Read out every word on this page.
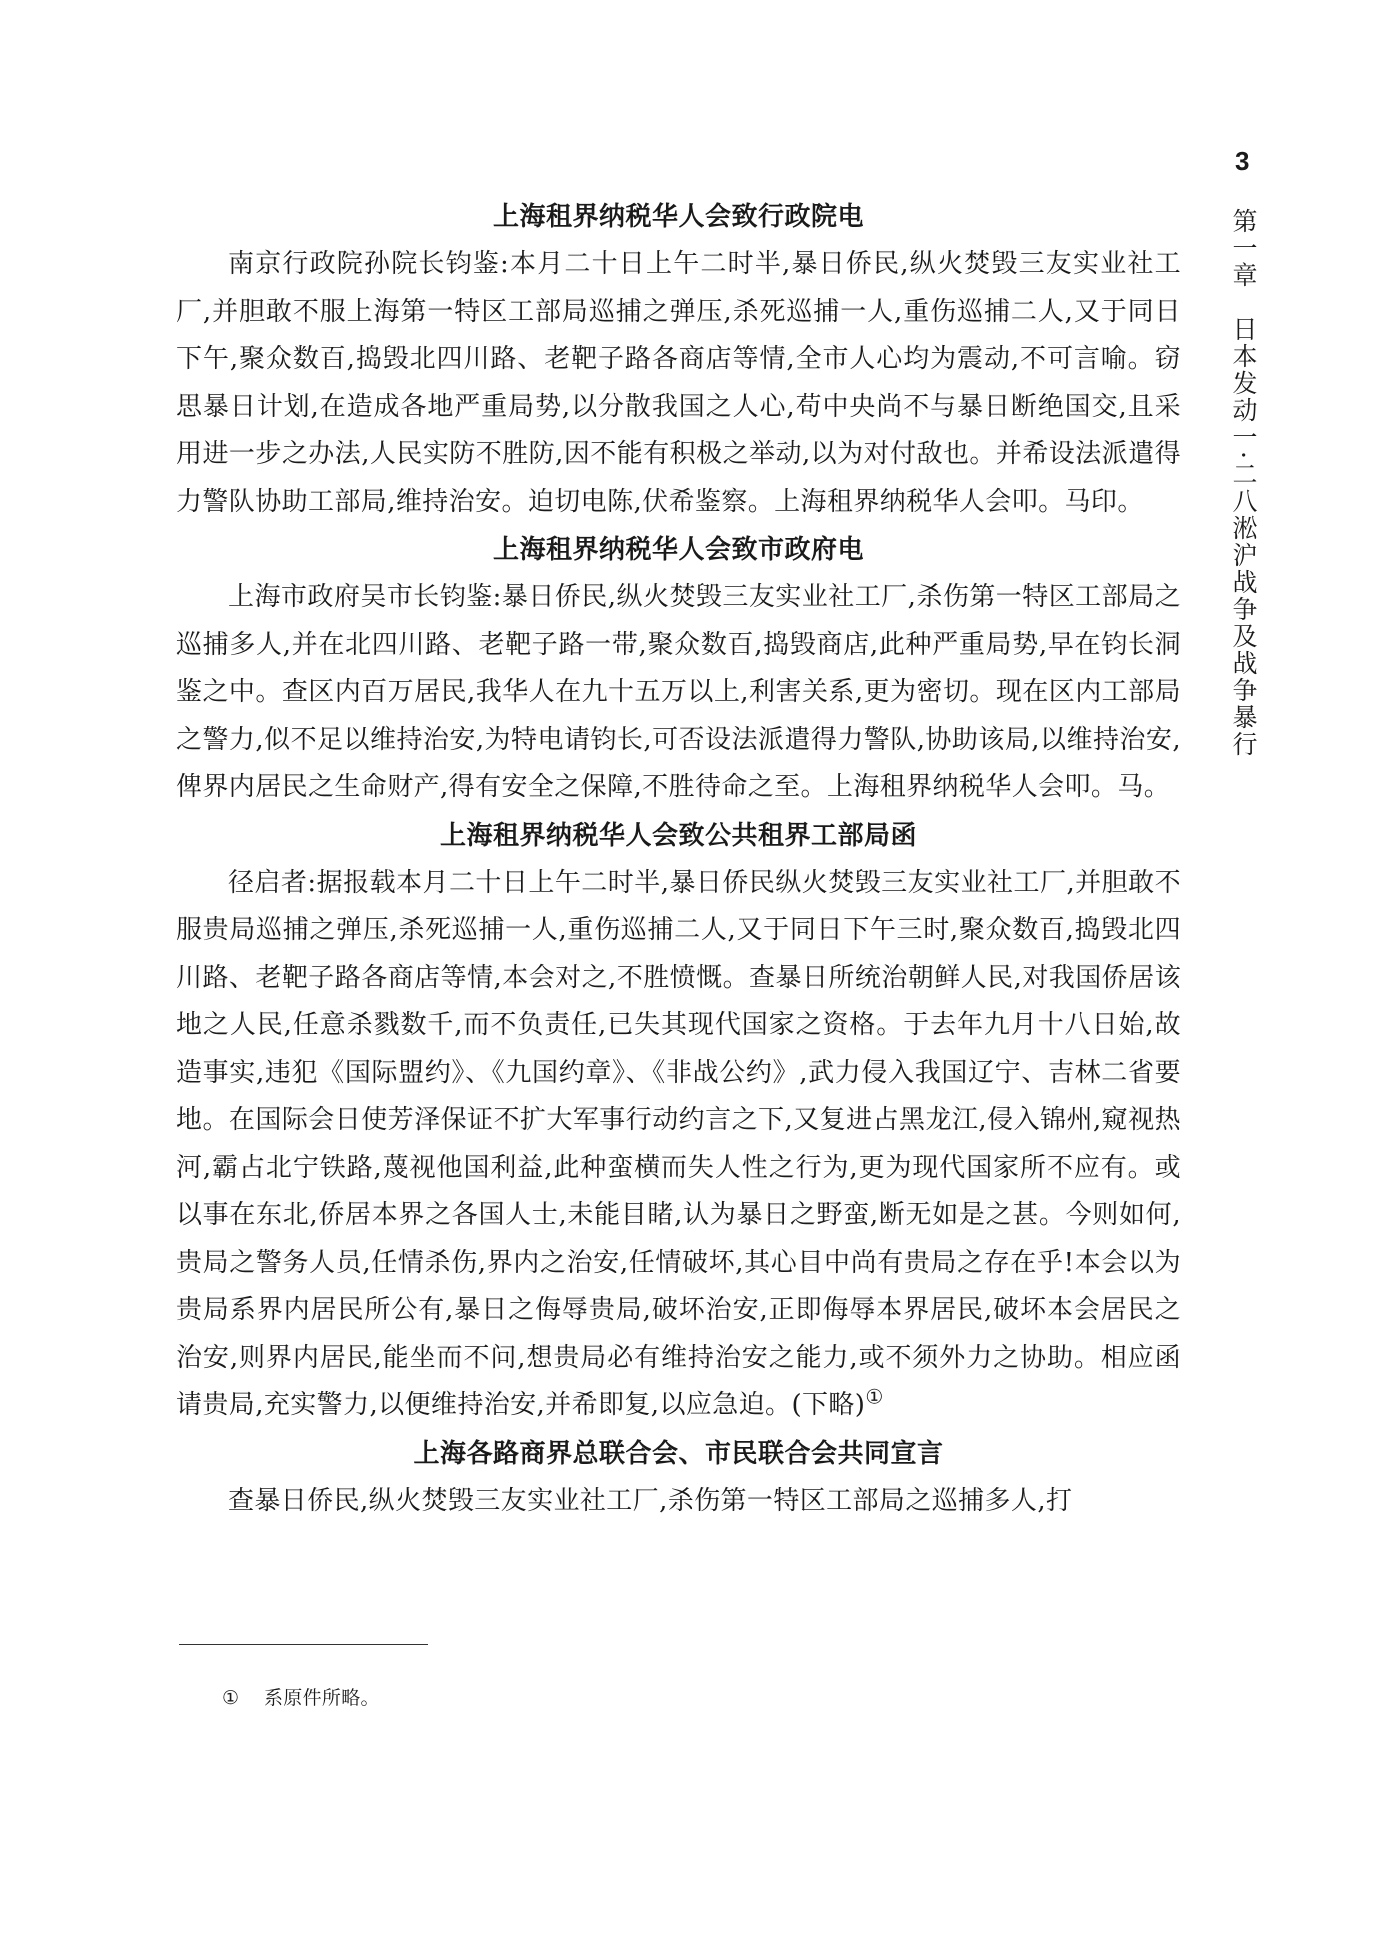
3
第一章　日本发动一·二八淞沪战争及战争暴行
上海租界纳税华人会致行政院电

南京行政院孙院长钧鉴:本月二十日上午二时半,暴日侨民,纵火焚毁三友实业社工厂,并胆敢不服上海第一特区工部局巡捕之弹压,杀死巡捕一人,重伤巡捕二人,又于同日下午,聚众数百,捣毁北四川路、老靶子路各商店等情,全市人心均为震动,不可言喻。窃思暴日计划,在造成各地严重局势,以分散我国之人心,苟中央尚不与暴日断绝国交,且采用进一步之办法,人民实防不胜防,因不能有积极之举动,以为对付敌也。并希设法派遣得力警队协助工部局,维持治安。迫切电陈,伏希鉴察。上海租界纳税华人会叩。马印。

上海租界纳税华人会致市政府电

上海市政府吴市长钧鉴:暴日侨民,纵火焚毁三友实业社工厂,杀伤第一特区工部局之巡捕多人,并在北四川路、老靶子路一带,聚众数百,捣毁商店,此种严重局势,早在钧长洞鉴之中。查区内百万居民,我华人在九十五万以上,利害关系,更为密切。现在区内工部局之警力,似不足以维持治安,为特电请钧长,可否设法派遣得力警队,协助该局,以维持治安,俾界内居民之生命财产,得有安全之保障,不胜待命之至。上海租界纳税华人会叩。马。

上海租界纳税华人会致公共租界工部局函

径启者:据报载本月二十日上午二时半,暴日侨民纵火焚毁三友实业社工厂,并胆敢不服贵局巡捕之弹压,杀死巡捕一人,重伤巡捕二人,又于同日下午三时,聚众数百,捣毁北四川路、老靶子路各商店等情,本会对之,不胜愤慨。查暴日所统治朝鲜人民,对我国侨居该地之人民,任意杀戮数千,而不负责任,已失其现代国家之资格。于去年九月十八日始,故造事实,违犯《国际盟约》、《九国约章》、《非战公约》,武力侵入我国辽宁、吉林二省要地。在国际会日使芳泽保证不扩大军事行动约言之下,又复进占黑龙江,侵入锦州,窥视热河,霸占北宁铁路,蔑视他国利益,此种蛮横而失人性之行为,更为现代国家所不应有。或以事在东北,侨居本界之各国人士,未能目睹,认为暴日之野蛮,断无如是之甚。今则如何,贵局之警务人员,任情杀伤,界内之治安,任情破坏,其心目中尚有贵局之存在乎!本会以为贵局系界内居民所公有,暴日之侮辱贵局,破坏治安,正即侮辱本界居民,破坏本会居民之治安,则界内居民,能坐而不问,想贵局必有维持治安之能力,或不须外力之协助。相应函请贵局,充实警力,以便维持治安,并希即复,以应急迫。(下略)①

上海各路商界总联合会、市民联合会共同宣言

查暴日侨民,纵火焚毁三友实业社工厂,杀伤第一特区工部局之巡捕多人,打

① 系原件所略。
